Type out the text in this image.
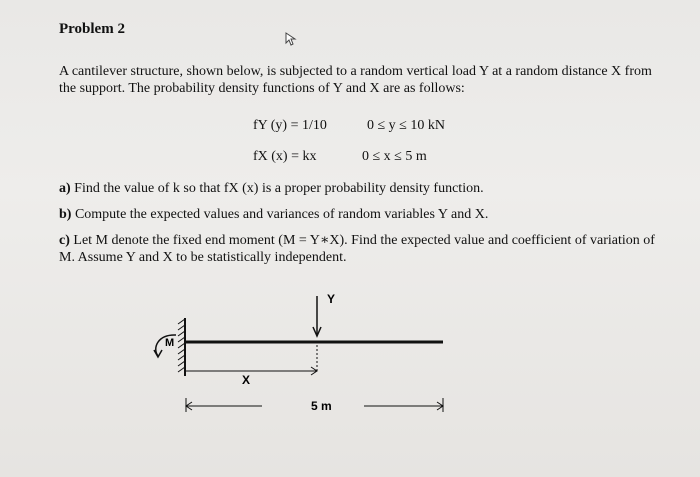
Problem 2

A cantilever structure, shown below, is subjected to a random vertical load Y at a random distance X from the support. The probability density functions of Y and X are as follows:

fY (y) = 1/10	0 ≤ y ≤ 10 kN
fX (x) = kx	0 ≤ x ≤ 5 m
a) Find the value of k so that fX (x) is a proper probability density function.
b) Compute the expected values and variances of random variables Y and X.

c) Let M denote the fixed end moment (M = Y∗X). Find the expected value and coefficient of variation of M. Assume Y and X to be statistically independent.

M
Y
X
5 m
